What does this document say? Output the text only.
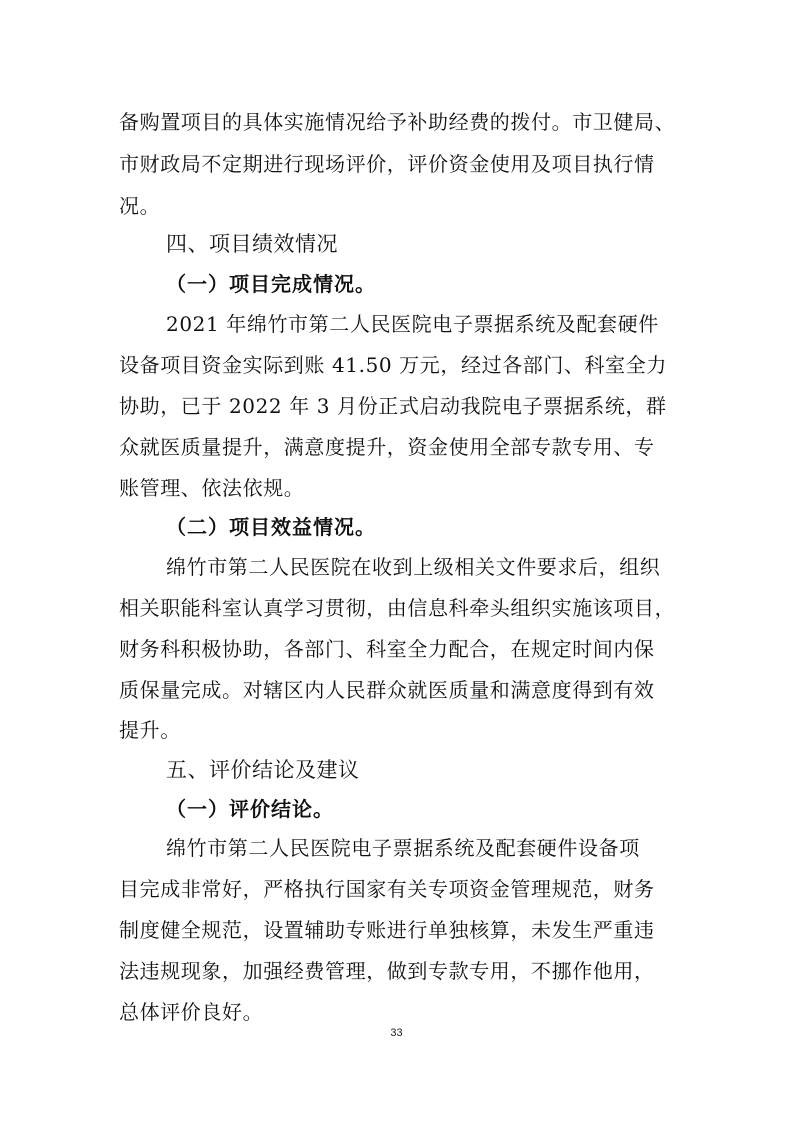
备购置项目的具体实施情况给予补助经费的拨付。市卫健局、
市财政局不定期进行现场评价，评价资金使用及项目执行情
况。
四、项目绩效情况
（一）项目完成情况。
2021 年绵竹市第二人民医院电子票据系统及配套硬件
设备项目资金实际到账 41.50 万元，经过各部门、科室全力
协助，已于 2022 年 3 月份正式启动我院电子票据系统，群
众就医质量提升，满意度提升，资金使用全部专款专用、专
账管理、依法依规。
（二）项目效益情况。
绵竹市第二人民医院在收到上级相关文件要求后，组织
相关职能科室认真学习贯彻，由信息科牵头组织实施该项目，
财务科积极协助，各部门、科室全力配合，在规定时间内保
质保量完成。对辖区内人民群众就医质量和满意度得到有效
提升。
五、评价结论及建议
（一）评价结论。
绵竹市第二人民医院电子票据系统及配套硬件设备项
目完成非常好，严格执行国家有关专项资金管理规范，财务
制度健全规范，设置辅助专账进行单独核算，未发生严重违
法违规现象，加强经费管理，做到专款专用，不挪作他用，
总体评价良好。
33
